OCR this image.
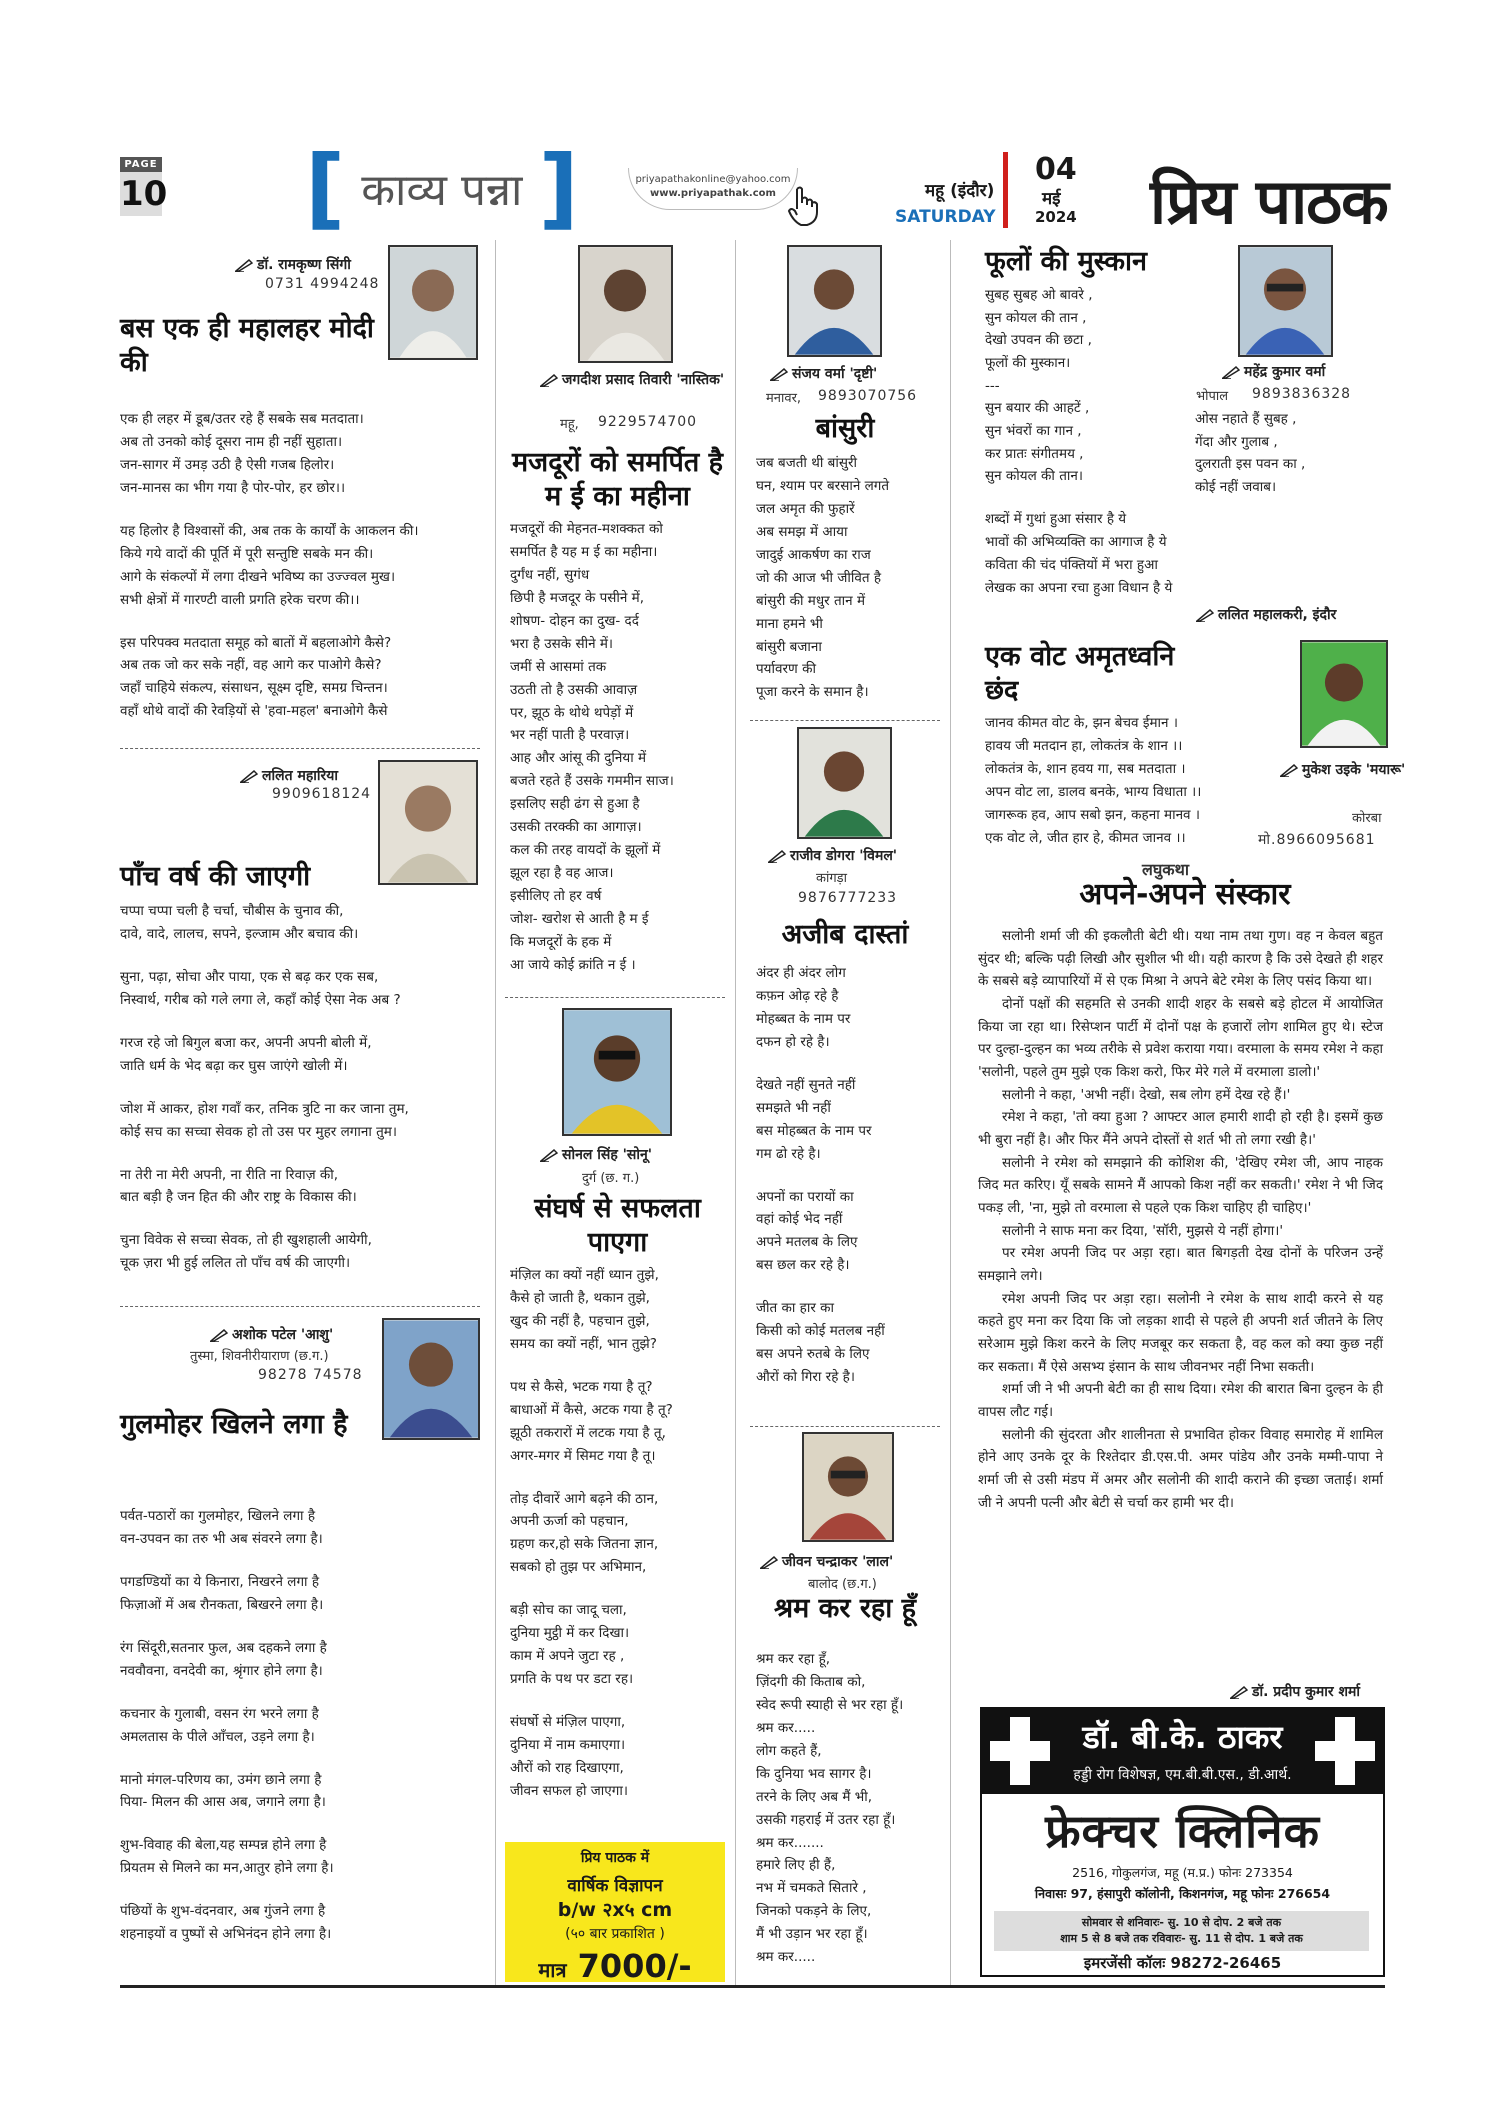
PAGE
10 [ काव्य पन्ना ]	priyapathakonline@yahoo.com
www.priyapathak.com	महू (इंदौर)
SATURDAY
04
मई
2024 प्रिय पाठक
डॉ. रामकृष्ण सिंगी
0731 4994248
बस एक ही महालहर मोदी की

एक ही लहर में डूब/उतर रहे हैं सबके सब मतदाता।
अब तो उनको कोई दूसरा नाम ही नहीं सुहाता।
जन-सागर में उमड़ उठी है ऐसी गजब हिलोर।
जन-मानस का भीग गया है पोर-पोर, हर छोर।।

यह हिलोर है विश्वासों की, अब तक के कार्यों के आकलन की।
किये गये वादों की पूर्ति में पूरी सन्तुष्टि सबके मन की।
आगे के संकल्पों में लगा दीखने भविष्य का उज्ज्वल मुख।
सभी क्षेत्रों में गारण्टी वाली प्रगति हरेक चरण की।।

इस परिपक्व मतदाता समूह को बातों में बहलाओगे कैसे?
अब तक जो कर सके नहीं, वह आगे कर पाओगे कैसे?
जहाँ चाहिये संकल्प, संसाधन, सूक्ष्म दृष्टि, समग्र चिन्तन।
वहाँ थोथे वादों की रेवड़ियों से 'हवा-महल' बनाओगे कैसे

ललित महारिया
9909618124
पाँच वर्ष की जाएगी

चप्पा चप्पा चली है चर्चा, चौबीस के चुनाव की,
दावे, वादे, लालच, सपने, इल्जाम और बचाव की।

सुना, पढ़ा, सोचा और पाया, एक से बढ़ कर एक सब,
निस्वार्थ, गरीब को गले लगा ले, कहाँ कोई ऐसा नेक अब ?

गरज रहे जो बिगुल बजा कर, अपनी अपनी बोली में,
जाति धर्म के भेद बढ़ा कर घुस जाएंगे खोली में।

जोश में आकर, होश गवाँ कर, तनिक त्रुटि ना कर जाना तुम,
कोई सच का सच्चा सेवक हो तो उस पर मुहर लगाना तुम।

ना तेरी ना मेरी अपनी, ना रीति ना रिवाज़ की,
बात बड़ी है जन हित की और राष्ट्र के विकास की।

चुना विवेक से सच्चा सेवक, तो ही खुशहाली आयेगी,
चूक ज़रा भी हुई ललित तो पाँच वर्ष की जाएगी।

अशोक पटेल 'आशु'
तुस्मा, शिवनीरीयाराण (छ.ग.)
98278 74578
गुलमोहर खिलने लगा है

पर्वत-पठारों का गुलमोहर, खिलने लगा है
वन-उपवन का तरु भी अब संवरने लगा है।

पगडण्डियों का ये किनारा, निखरने लगा है
फिज़ाओं में अब रौनकता, बिखरने लगा है।

रंग सिंदूरी,सतनार फुल, अब दहकने लगा है
नववौवना, वनदेवी का, श्रृंगार होने लगा है।

कचनार के गुलाबी, वसन रंग भरने लगा है
अमलतास के पीले आँचल, उड़ने लगा है।

मानो मंगल-परिणय का, उमंग छाने लगा है
पिया- मिलन की आस अब, जगाने लगा है।

शुभ-विवाह की बेला,यह सम्पन्न होने लगा है
प्रियतम से मिलने का मन,आतुर होने लगा है।

पंछियों के शुभ-वंदनवार, अब गुंजने लगा है
शहनाइयों व पुष्पों से अभिनंदन होने लगा है।

जगदीश प्रसाद तिवारी 'नास्तिक'
महू, 9229574700
मजदूरों को समर्पित है म ई का महीना

मजदूरों की मेहनत-मशक्कत को
समर्पित है यह म ई का महीना।
दुर्गंध नहीं, सुगंध
छिपी है मजदूर के पसीने में,
शोषण- दोहन का दुख- दर्द
भरा है उसके सीने में।
जमीं से आसमां तक
उठती तो है उसकी आवाज़
पर, झूठ के थोथे थपेड़ों में
भर नहीं पाती है परवाज़।
आह और आंसू की दुनिया में
बजते रहते हैं उसके गममीन साज।
इसलिए सही ढंग से हुआ है
उसकी तरक्की का आगाज़।
कल की तरह वायदों के झूलों में
झूल रहा है वह आज।
इसीलिए तो हर वर्ष
जोश- खरोश से आती है म ई
कि मजदूरों के हक में
आ जाये कोई क्रांति न ई ।

सोनल सिंह 'सोनू'
दुर्ग (छ. ग.)
संघर्ष से सफलता पाएगा

मंज़िल का क्यों नहीं ध्यान तुझे,
कैसे हो जाती है, थकान तुझे,
खुद की नहीं है, पहचान तुझे,
समय का क्यों नहीं, भान तुझे?

पथ से कैसे, भटक गया है तू?
बाधाओं में कैसे, अटक गया है तू?
झूठी तकरारों में लटक गया है तू,
अगर-मगर में सिमट गया है तू।

तोड़ दीवारें आगे बढ़ने की ठान,
अपनी ऊर्जा को पहचान,
ग्रहण कर,हो सके जितना ज्ञान,
सबको हो तुझ पर अभिमान,

बड़ी सोच का जादू चला,
दुनिया मुट्ठी में कर दिखा।
काम में अपने जुटा रह ,
प्रगति के पथ पर डटा रह।

संघर्षो से मंज़िल पाएगा,
दुनिया में नाम कमाएगा।
औरों को राह दिखाएगा,
जीवन सफल हो जाएगा।

प्रिय पाठक में
वार्षिक विज्ञापन
b/w २x५ cm
(५० बार प्रकाशित )
मात्र 7000/-
संजय वर्मा 'दृष्टी'
मनावर, 9893070756
बांसुरी

जब बजती थी बांसुरी
घन, श्याम पर बरसाने लगते
जल अमृत की फुहारें
अब समझ में आया
जादुई आकर्षण का राज
जो की आज भी जीवित है
बांसुरी की मधुर तान में
माना हमने भी
बांसुरी बजाना
पर्यावरण की
पूजा करने के समान है।

राजीव डोगरा 'विमल'
कांगड़ा
9876777233
अजीब दास्तां

अंदर ही अंदर लोग
कफ़न ओढ़ रहे है
मोहब्बत के नाम पर
दफन हो रहे है।

देखते नहीं सुनते नहीं
समझते भी नहीं
बस मोहब्बत के नाम पर
गम ढो रहे है।

अपनों का परायों का
वहां कोई भेद नहीं
अपने मतलब के लिए
बस छल कर रहे है।

जीत का हार का
किसी को कोई मतलब नहीं
बस अपने रुतबे के लिए
औरों को गिरा रहे है।

जीवन चन्द्राकर 'लाल'
बालोद (छ.ग.)
श्रम कर रहा हूँ

श्रम कर रहा हूँ,
ज़िंदगी की किताब को,
स्वेद रूपी स्याही से भर रहा हूँ।
श्रम कर.....
लोग कहते हैं,
कि दुनिया भव सागर है।
तरने के लिए अब मैं भी,
उसकी गहराई में उतर रहा हूँ।
श्रम कर.......
हमारे लिए ही हैं,
नभ में चमकते सितारे ,
जिनको पकड़ने के लिए,
मैं भी उड़ान भर रहा हूँ।
श्रम कर.....

फूलों की मुस्कान
महेंद्र कुमार वर्मा
भोपाल 9893836328
सुबह सुबह ओ बावरे ,
सुन कोयल की तान ,
देखो उपवन की छटा ,
फूलों की मुस्कान।
---
सुन बयार की आहटें ,
सुन भंवरों का गान ,
कर प्रातः संगीतमय ,
सुन कोयल की तान।
ओस नहाते हैं सुबह ,
गेंदा और गुलाब ,
दुलराती इस पवन का ,
कोई नहीं जवाब।
शब्दों में गुथां हुआ संसार है ये
भावों की अभिव्यक्ति का आगाज है ये
कविता की चंद पंक्तियों में भरा हुआ
लेखक का अपना रचा हुआ विधान है ये
ललित महालकरी, इंदौर
एक वोट अमृतध्वनि छंद
जानव कीमत वोट के, झन बेचव ईमान ।
हावय जी मतदान हा, लोकतंत्र के शान ।।
लोकतंत्र के, शान हवय गा, सब मतदाता ।
अपन वोट ला, डालव बनके, भाग्य विधाता ।।
जागरूक हव, आप सबो झन, कहना मानव ।
एक वोट ले, जीत हार हे, कीमत जानव ।।
मुकेश उइके 'मयारू'
कोरबा
मो.8966095681
लघुकथा
अपने-अपने संस्कार

सलोनी शर्मा जी की इकलौती बेटी थी। यथा नाम तथा गुण। वह न केवल बहुत सुंदर थी; बल्कि पढ़ी लिखी और सुशील भी थी। यही कारण है कि उसे देखते ही शहर के सबसे बड़े व्यापारियों में से एक मिश्रा ने अपने बेटे रमेश के लिए पसंद किया था।

दोनों पक्षों की सहमति से उनकी शादी शहर के सबसे बड़े होटल में आयोजित किया जा रहा था। रिसेप्शन पार्टी में दोनों पक्ष के हजारों लोग शामिल हुए थे। स्टेज पर दुल्हा-दुल्हन का भव्य तरीके से प्रवेश कराया गया। वरमाला के समय रमेश ने कहा 'सलोनी, पहले तुम मुझे एक किश करो, फिर मेरे गले में वरमाला डालो।'

सलोनी ने कहा, 'अभी नहीं। देखो, सब लोग हमें देख रहे हैं।'

रमेश ने कहा, 'तो क्या हुआ ? आफ्टर आल हमारी शादी हो रही है। इसमें कुछ भी बुरा नहीं है। और फिर मैंने अपने दोस्तों से शर्त भी तो लगा रखी है।'

सलोनी ने रमेश को समझाने की कोशिश की, 'देखिए रमेश जी, आप नाहक जिद मत करिए। यूँ सबके सामने मैं आपको किश नहीं कर सकती।' रमेश ने भी जिद पकड़ ली, 'ना, मुझे तो वरमाला से पहले एक किश चाहिए ही चाहिए।'

सलोनी ने साफ मना कर दिया, 'सॉरी, मुझसे ये नहीं होगा।'

पर रमेश अपनी जिद पर अड़ा रहा। बात बिगड़ती देख दोनों के परिजन उन्हें समझाने लगे।

रमेश अपनी जिद पर अड़ा रहा। सलोनी ने रमेश के साथ शादी करने से यह कहते हुए मना कर दिया कि जो लड़का शादी से पहले ही अपनी शर्त जीतने के लिए सरेआम मुझे किश करने के लिए मजबूर कर सकता है, वह कल को क्या कुछ नहीं कर सकता। मैं ऐसे असभ्य इंसान के साथ जीवनभर नहीं निभा सकती।

शर्मा जी ने भी अपनी बेटी का ही साथ दिया। रमेश की बारात बिना दुल्हन के ही वापस लौट गई।

सलोनी की सुंदरता और शालीनता से प्रभावित होकर विवाह समारोह में शामिल होने आए उनके दूर के रिश्तेदार डी.एस.पी. अमर पांडेय और उनके मम्मी-पापा ने शर्मा जी से उसी मंडप में अमर और सलोनी की शादी कराने की इच्छा जताई। शर्मा जी ने अपनी पत्नी और बेटी से चर्चा कर हामी भर दी।

डॉ. प्रदीप कुमार शर्मा
डॉ. बी.के. ठाकर
हड्डी रोग विशेषज्ञ, एम.बी.बी.एस., डी.आर्थ.
फ्रेक्चर क्लिनिक
2516, गोकुलगंज, महू (म.प्र.) फोनः 273354
निवासः 97, हंसापुरी कॉलोनी, किशनगंज, महू फोनः 276654
सोमवार से शनिवारः- सु. 10 से दोप. 2 बजे तक
शाम 5 से 8 बजे तक रविवारः- सु. 11 से दोप. 1 बजे तक
इमरजेंसी कॉलः 98272-26465
